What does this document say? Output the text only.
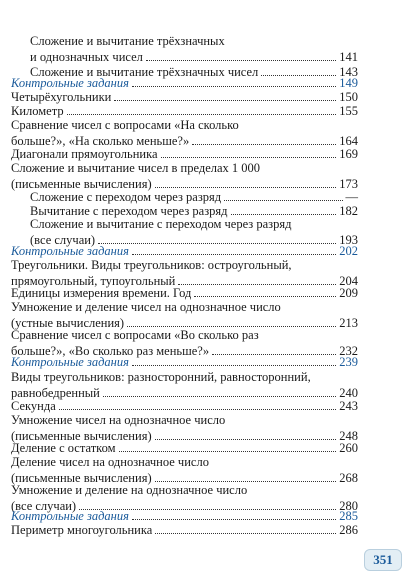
Сложение и вычитание трёхзначных
и однозначных чисел	141
Сложение и вычитание трёхзначных чисел	143
Контрольные задания	149
Четырёхугольники	150
Километр	155
Сравнение чисел с вопросами «На сколько
больше?», «На сколько меньше?»	164
Диагонали прямоугольника	169
Сложение и вычитание чисел в пределах 1 000
(письменные вычисления)	173
Сложение с переходом через разряд	—
Вычитание с переходом через разряд	182
Сложение и вычитание с переходом через разряд
(все случаи)	193
Контрольные задания	202
Треугольники. Виды треугольников: остроугольный,
прямоугольный, тупоугольный	204
Единицы измерения времени. Год	209
Умножение и деление чисел на однозначное число
(устные вычисления)	213
Сравнение чисел с вопросами «Во сколько раз
больше?», «Во сколько раз меньше?»	232
Контрольные задания	239
Виды треугольников: разносторонний, равносторонний,
равнобедренный	240
Секунда	243
Умножение чисел на однозначное число
(письменные вычисления)	248
Деление с остатком	260
Деление чисел на однозначное число
(письменные вычисления)	268
Умножение и деление на однозначное число
(все случаи)	280
Контрольные задания	285
Периметр многоугольника	286
351
